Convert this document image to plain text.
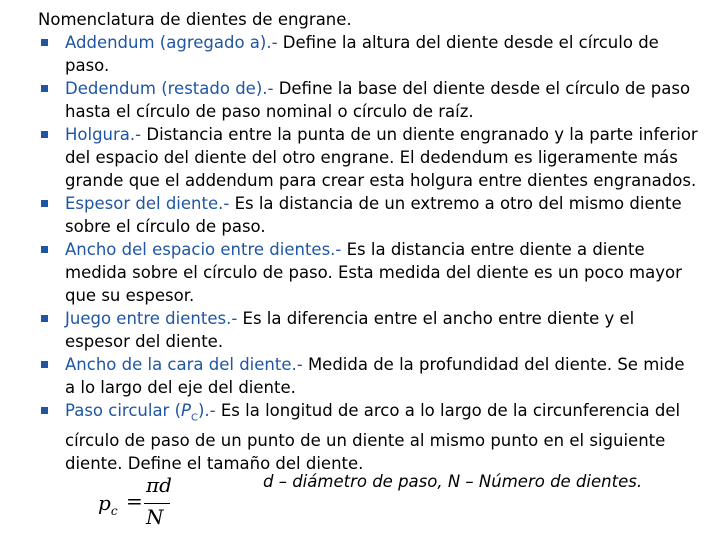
Nomenclatura de dientes de engrane.
Addendum (agregado a).- Define la altura del diente desde el círculo de paso.
Dedendum (restado de).- Define la base del diente desde el círculo de paso hasta el círculo de paso nominal o círculo de raíz.
Holgura.- Distancia entre la punta de un diente engranado y la parte inferior del espacio del diente del otro engrane. El dedendum es ligeramente más grande que el addendum para crear esta holgura entre dientes engranados.
Espesor del diente.- Es la distancia de un extremo a otro del mismo diente sobre el círculo de paso.
Ancho del espacio entre dientes.- Es la distancia entre diente a diente medida sobre el círculo de paso. Esta medida del diente es un poco mayor que su espesor.
Juego entre dientes.- Es la diferencia entre el ancho entre diente y el espesor del diente.
Ancho de la cara del diente.- Medida de la profundidad del diente. Se mide a lo largo del eje del diente.
Paso circular $(P_C).-$ Es la longitud de arco a lo largo de la circunferencia del círculo de paso de un punto de un diente al mismo punto en el siguiente diente. Define el tamaño del diente.
d – diámetro de paso, N – Número de dientes.
$p_c$ =
πd
N
